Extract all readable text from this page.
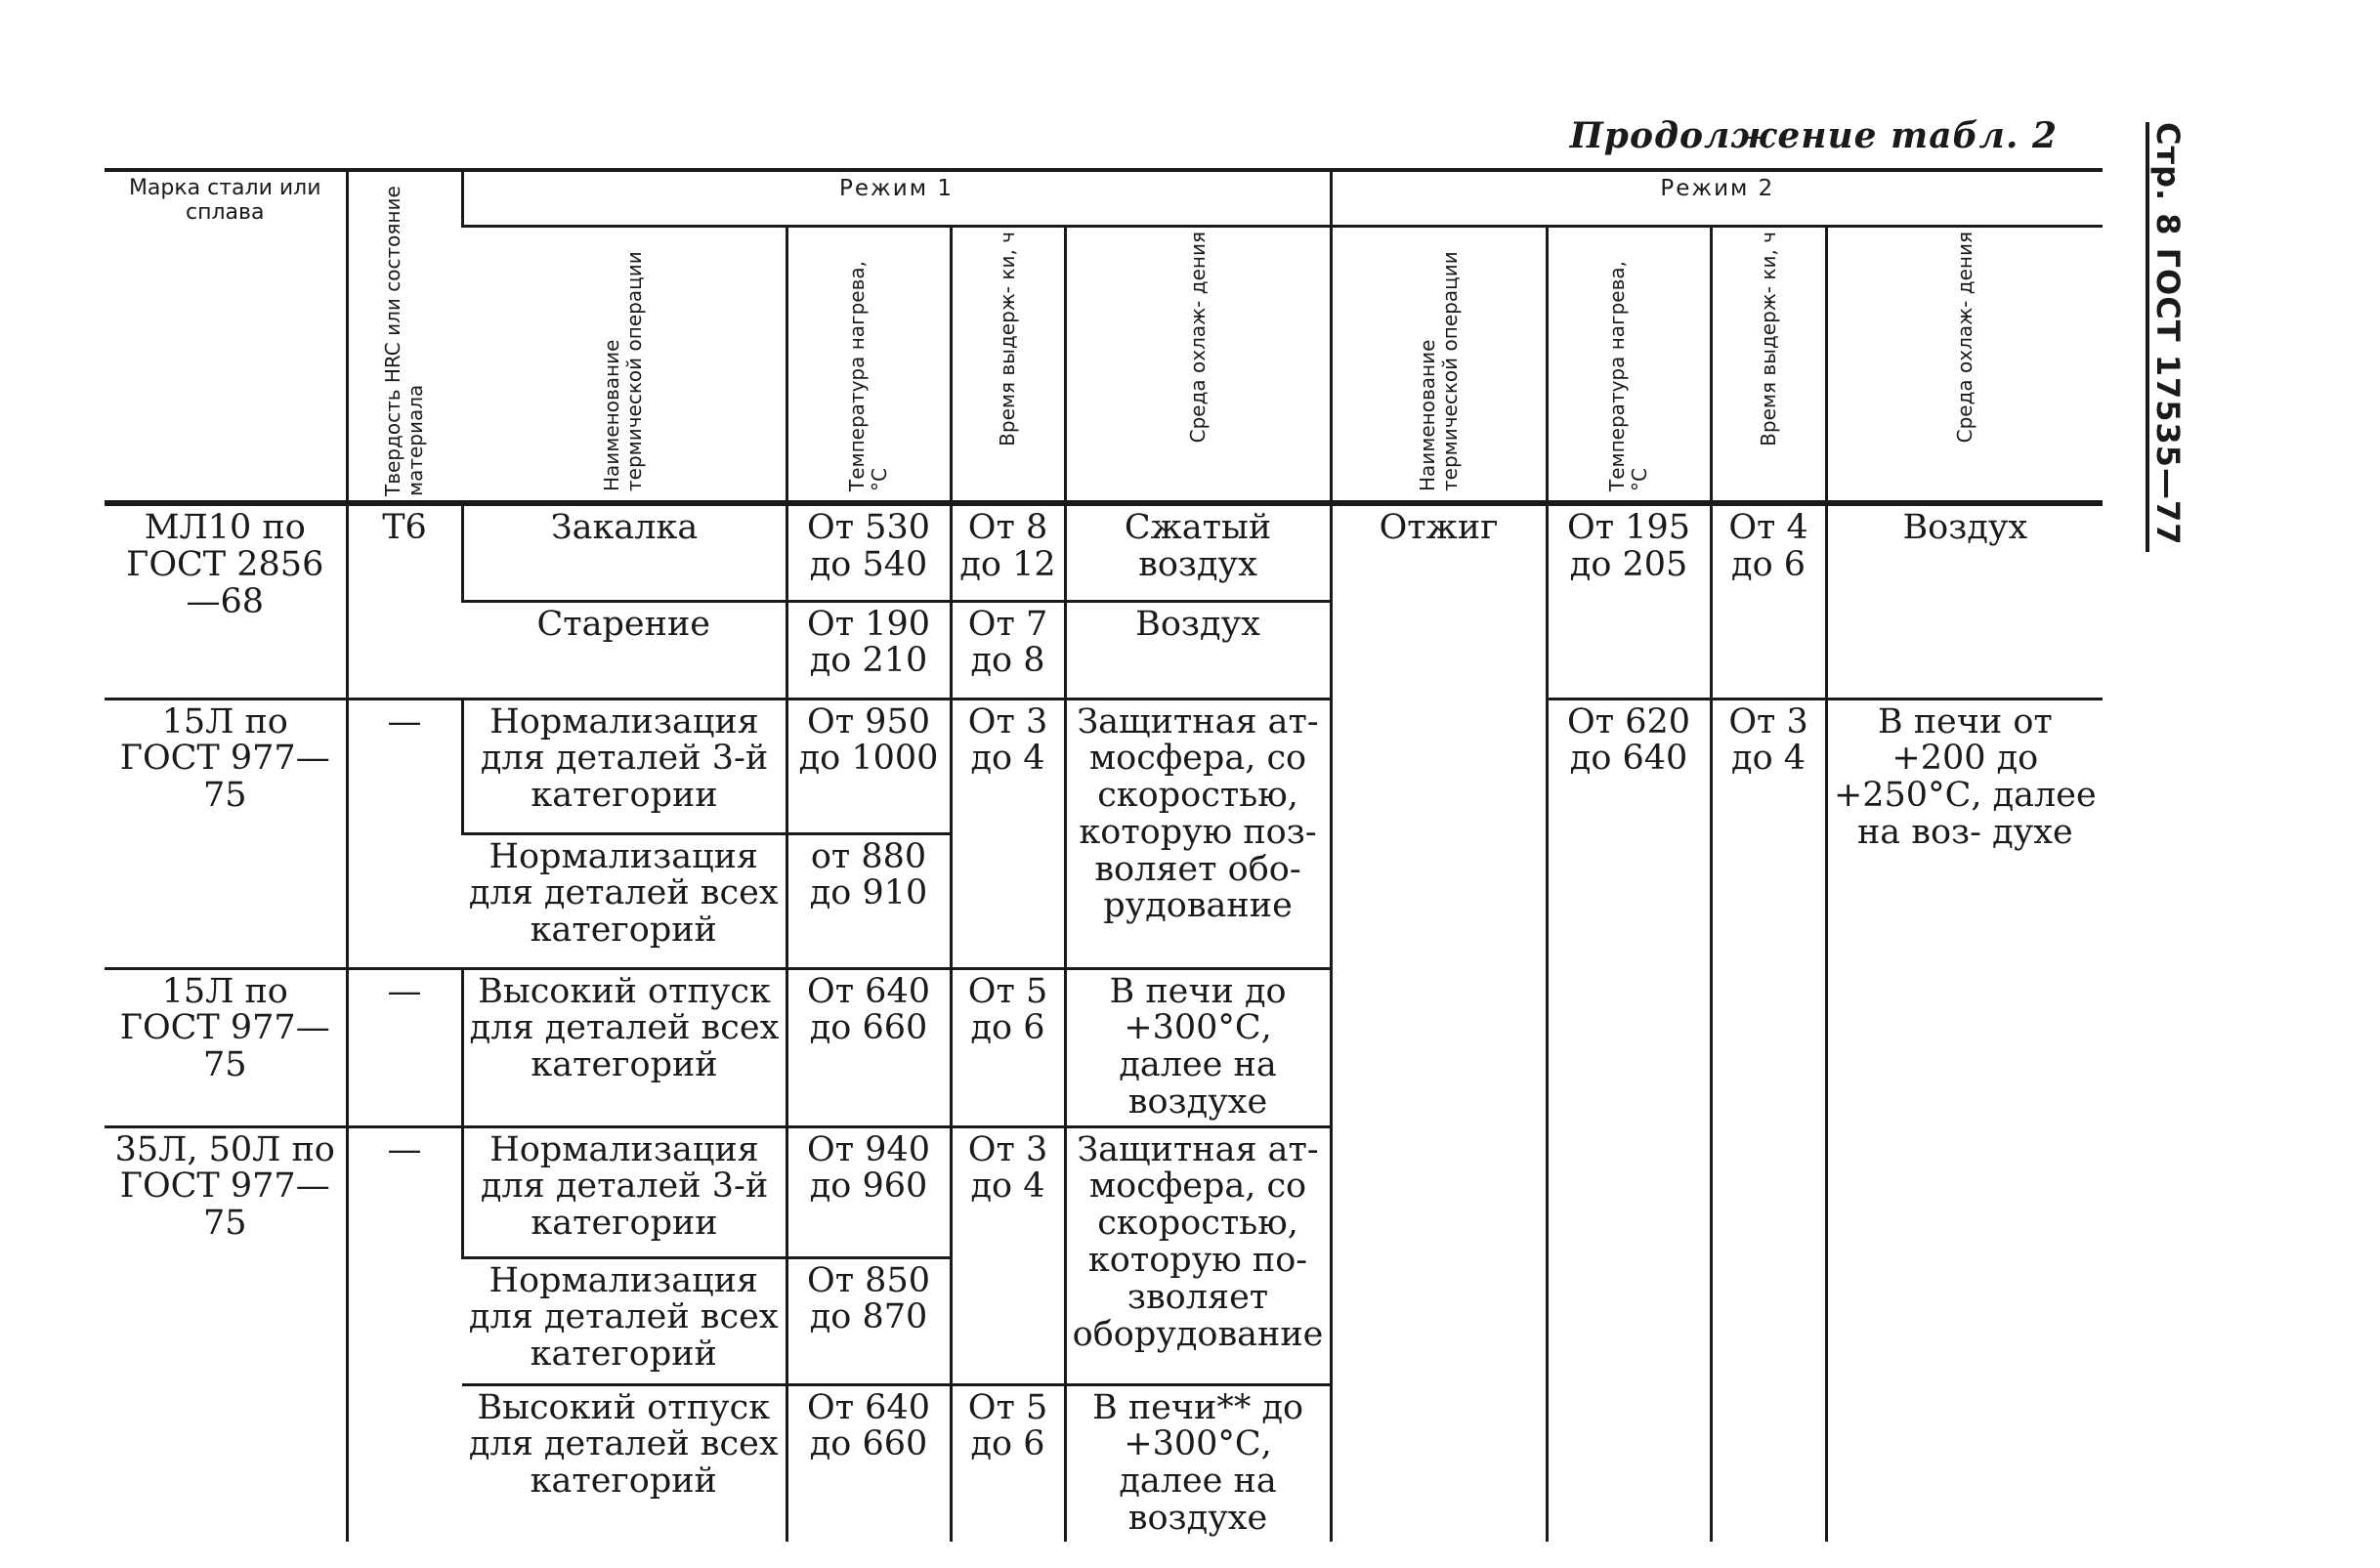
Продолжение табл. 2	Стр. 8 ГОСТ 17535—77
Марка стали или сплава	Твердость HRC или состояние материала	Режим 1				Режим 2			
		Наименование термической операции	Температура нагрева, °С	Время выдерж- ки, ч	Среда охлаж- дения	Наименование термической операции	Температура нагрева, °С	Время выдерж- ки, ч	Среда охлаж- дения
МЛ10 по ГОСТ 2856—68	Т6	Закалка	От 530 до 540	От 8 до 12	Сжатый воздух	Отжиг	От 195 до 205	От 4 до 6	Воздух
		Старение	От 190 до 210	От 7 до 8	Воздух				
15Л по ГОСТ 977—75	—	Нормализация для деталей 3-й категории	От 950 до 1000	От 3 до 4	Защитная ат- мосфера, со скоростью, которую поз- воляет обо- рудование		От 620 до 640	От 3 до 4	В печи от +200 до +250°С, далее на воз- духе
		Нормализация для деталей всех категорий	от 880 до 910						
15Л по ГОСТ 977—75	—	Высокий отпуск для деталей всех категорий	От 640 до 660	От 5 до 6	В печи до +300°С, далее на воздухе				
35Л, 50Л по ГОСТ 977—75	—	Нормализация для деталей 3-й категории	От 940 до 960	От 3 до 4	Защитная ат- мосфера, со скоростью, которую по- зволяет оборудование				
		Нормализация для деталей всех категорий	От 850 до 870						
		Высокий отпуск для деталей всех категорий	От 640 до 660	От 5 до 6	В печи** до +300°С, далее на воздухе				
